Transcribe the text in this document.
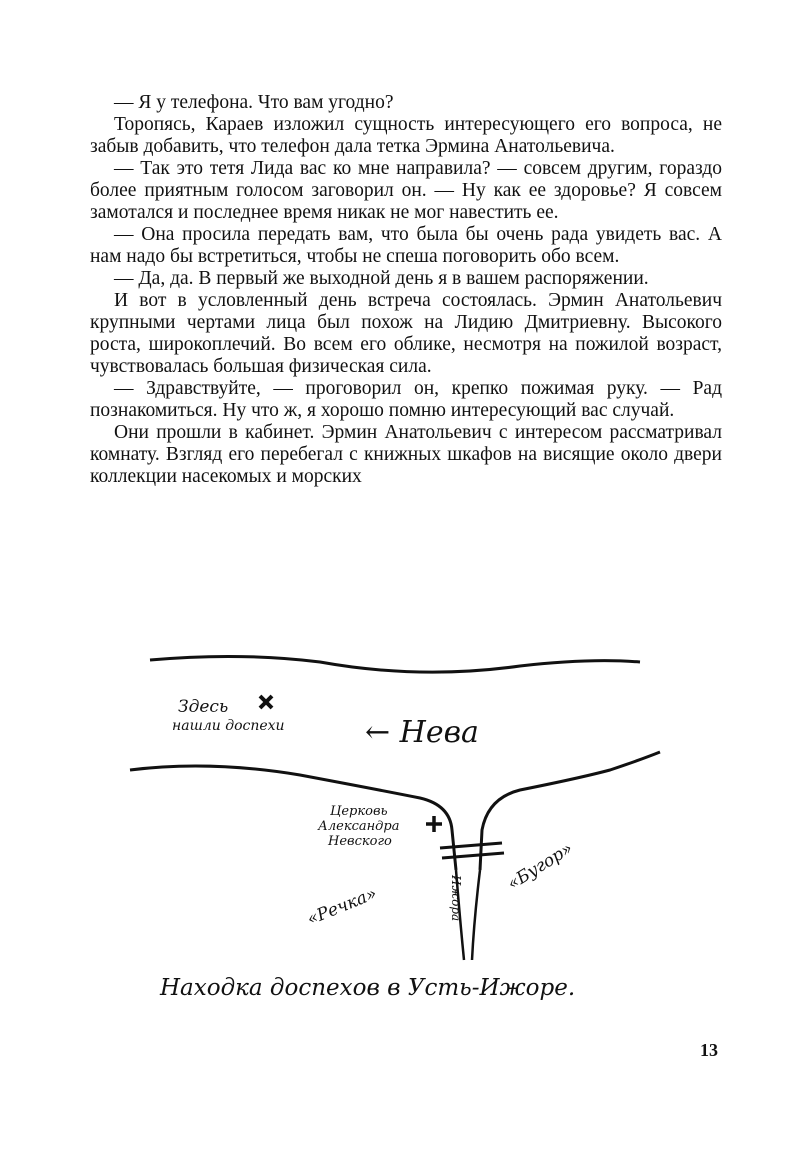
— Я у телефона. Что вам угодно?

Торопясь, Караев изложил сущность интересующего его вопроса, не забыв добавить, что телефон дала тетка Эрмина Анатольевича.

— Так это тетя Лида вас ко мне направила? — совсем другим, гораздо более приятным голосом заговорил он. — Ну как ее здоровье? Я совсем замотался и последнее время никак не мог навестить ее.

— Она просила передать вам, что была бы очень рада увидеть вас. А нам надо бы встретиться, чтобы не спеша поговорить обо всем.

— Да, да. В первый же выходной день я в вашем распоряжении.

И вот в условленный день встреча состоялась. Эрмин Анатольевич крупными чертами лица был похож на Лидию Дмитриевну. Высокого роста, широкоплечий. Во всем его облике, несмотря на пожилой возраст, чувствовалась большая физическая сила.

— Здравствуйте, — проговорил он, крепко пожимая руку. — Рад познакомиться. Ну что ж, я хорошо помню интересующий вас случай.

Они прошли в кабинет. Эрмин Анатольевич с интересом рассматривал комнату. Взгляд его перебегал с книжных шкафов на висящие около двери коллекции насекомых и морских

Здесь
нашли доспехи	← Нева
Церковь
Александра
Невского
«Речка»
«Бугор»
Ижора
Находка доспехов в Усть-Ижоре.
13
